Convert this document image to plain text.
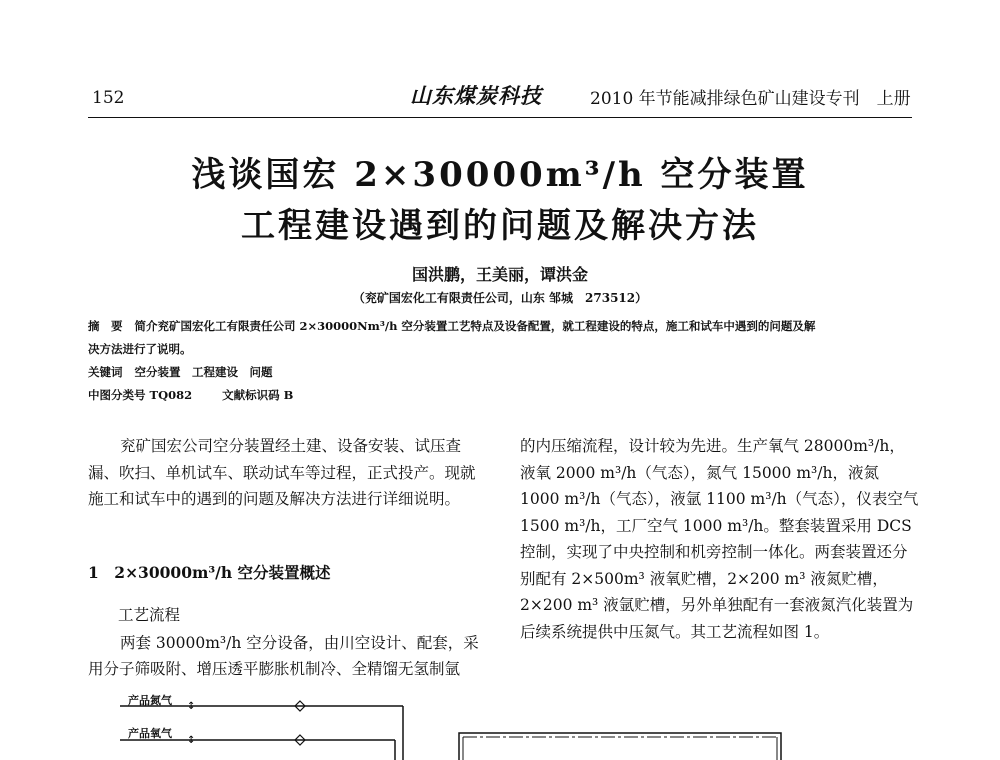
152	山东煤炭科技	2010 年节能减排绿色矿山建设专刊　上册
浅谈国宏 2×30000m³/h 空分装置
工程建设遇到的问题及解决方法
国洪鹏，王美丽，谭洪金
（兖矿国宏化工有限责任公司，山东 邹城　273512）
摘　要 简介兖矿国宏化工有限责任公司 2×30000Nm³/h 空分装置工艺特点及设备配置，就工程建设的特点，施工和试车中遇到的问题及解
决方法进行了说明。
关键词 空分装置　工程建设　问题
中图分类号 TQ082	文献标识码 B

兖矿国宏公司空分装置经土建、设备安装、试压查漏、吹扫、单机试车、联动试车等过程，正式投产。现就施工和试车中的遇到的问题及解决方法进行详细说明。

1　2×30000m³/h 空分装置概述
工艺流程

两套 30000m³/h 空分设备，由川空设计、配套，采用分子筛吸附、增压透平膨胀机制冷、全精馏无氢制氩

的内压缩流程，设计较为先进。生产氧气 28000m³/h，液氧 2000 m³/h（气态），氮气 15000 m³/h，液氮 1000 m³/h（气态），液氩 1100 m³/h（气态），仪表空气 1500 m³/h，工厂空气 1000 m³/h。整套装置采用 DCS 控制，实现了中央控制和机旁控制一体化。两套装置还分别配有 2×500m³ 液氧贮槽，2×200 m³ 液氮贮槽，2×200 m³ 液氩贮槽，另外单独配有一套液氮汽化装置为后续系统提供中压氮气。其工艺流程如图 1。

↕
↕
产品氮气
产品氧气
